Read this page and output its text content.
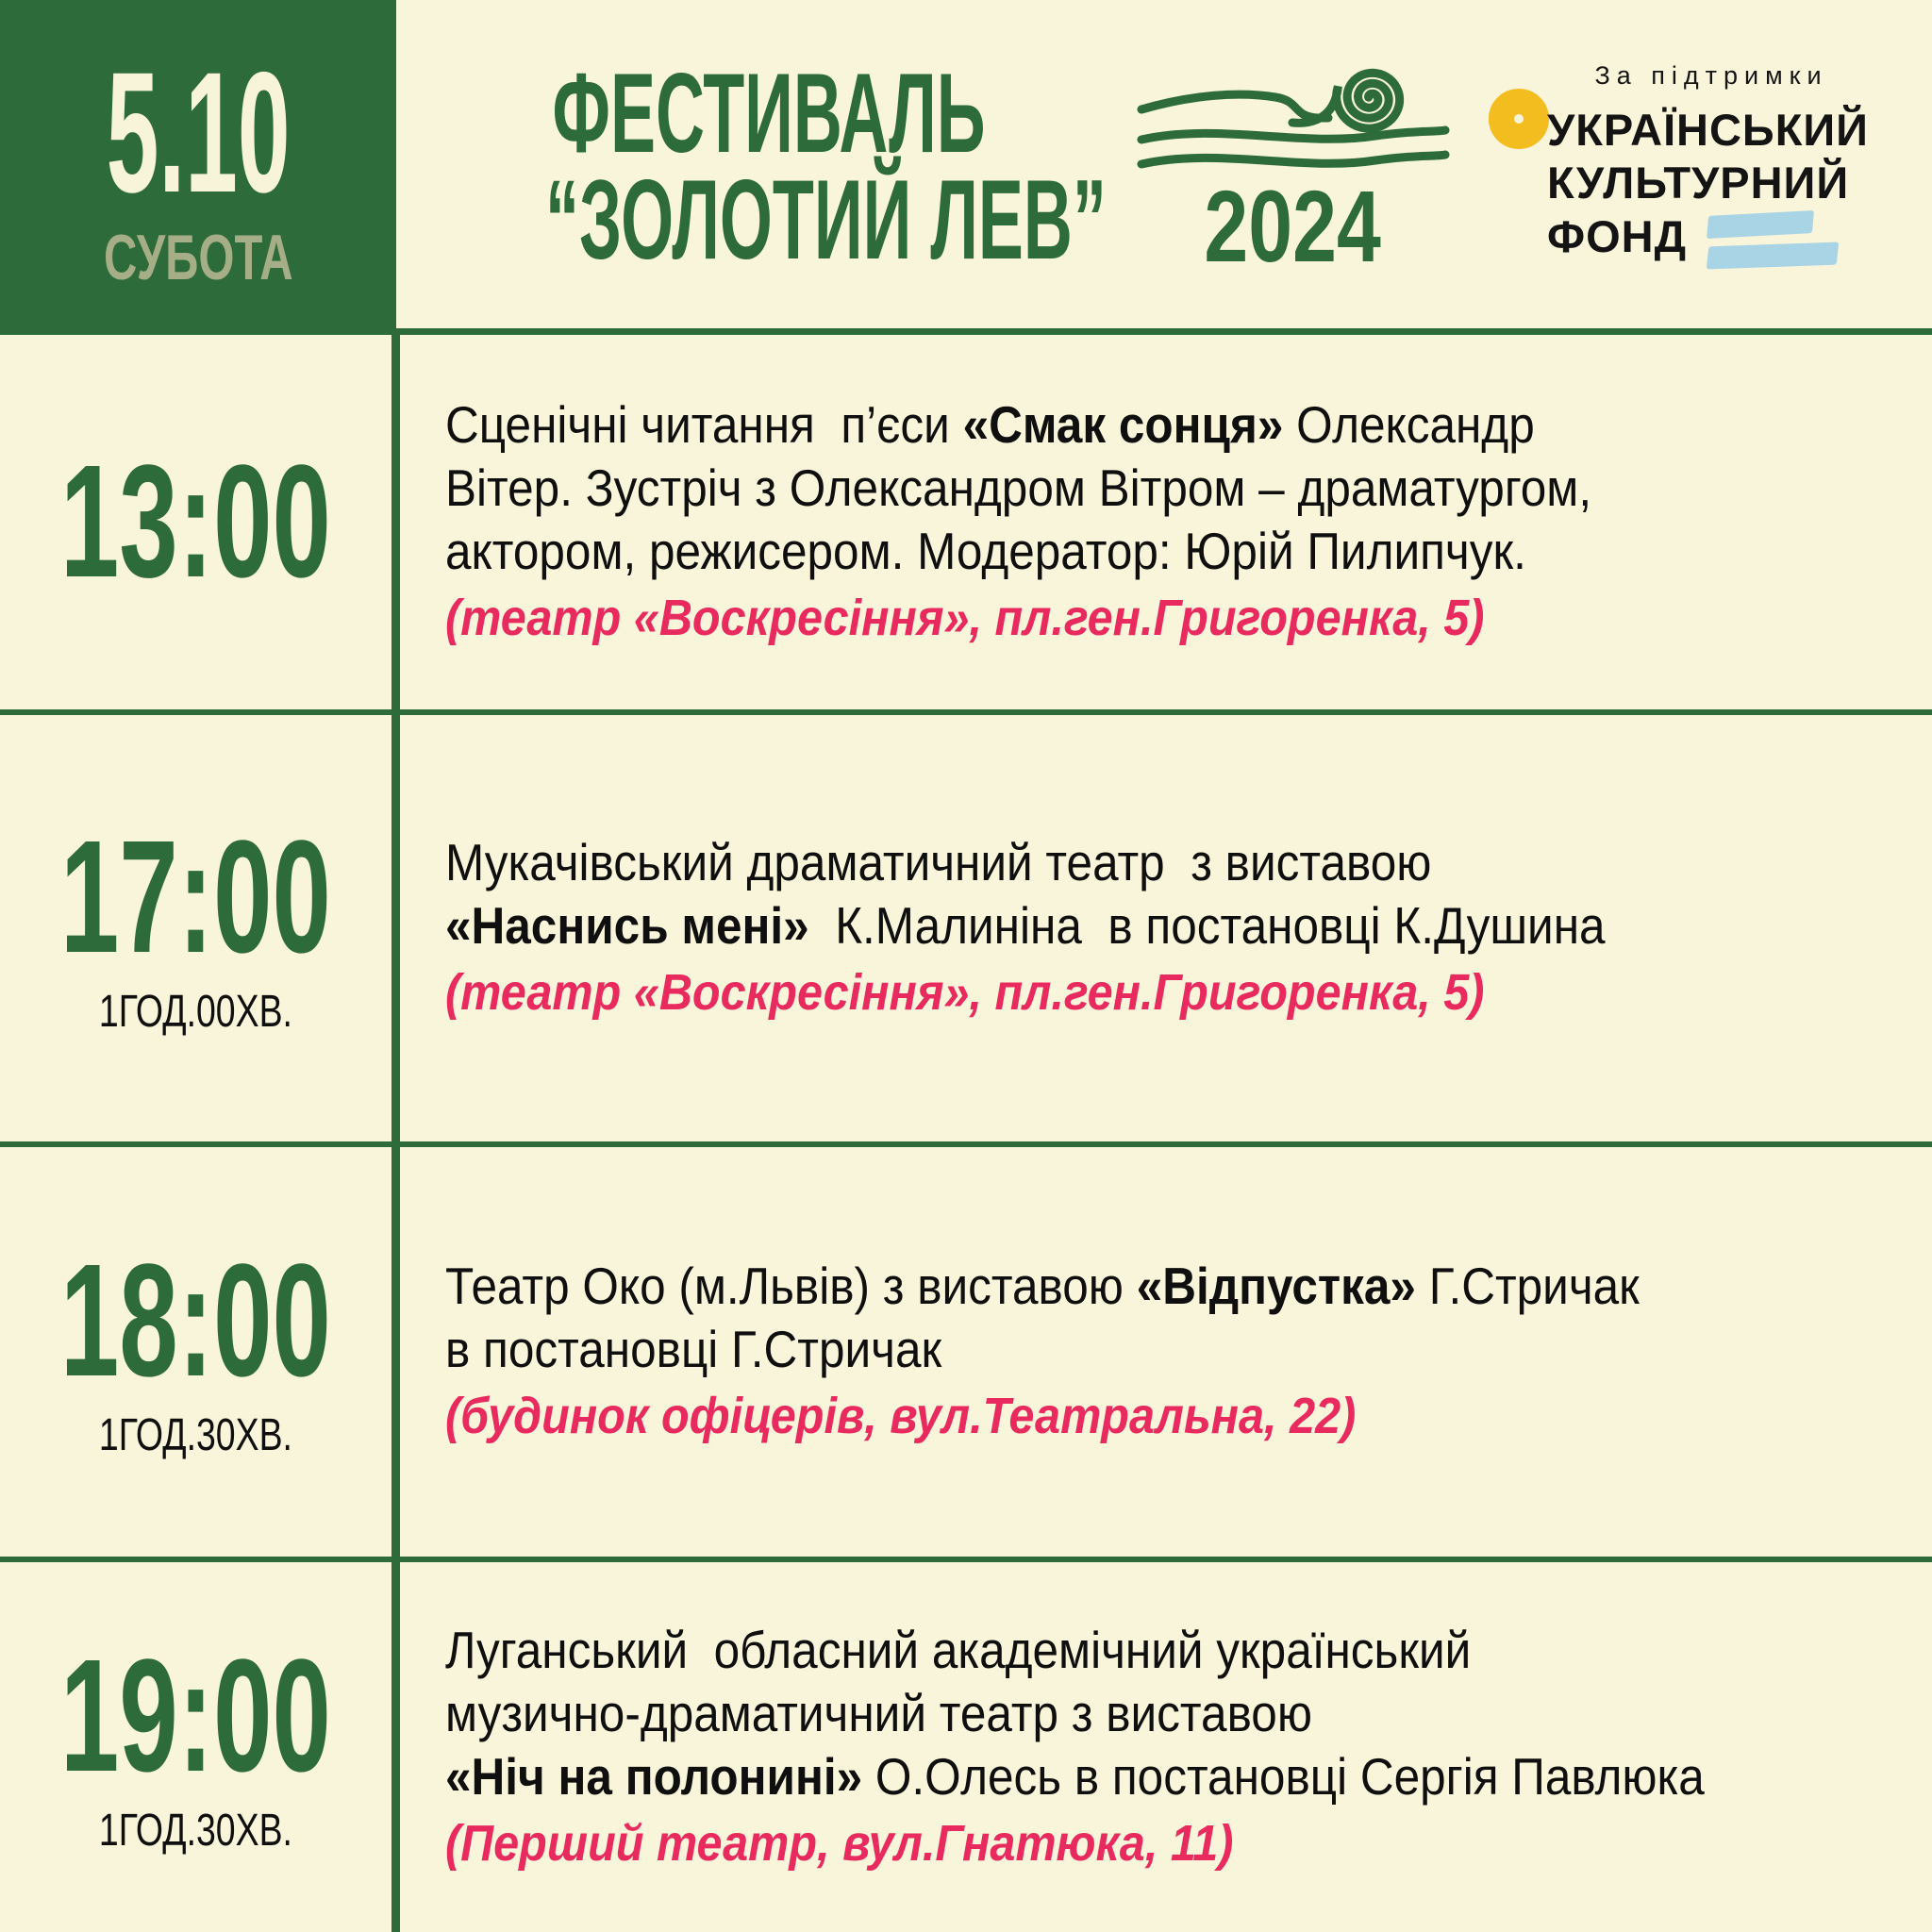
5.10
СУБОТА
ФЕСТИВАЛЬ
“ЗОЛОТИЙ ЛЕВ” 2024
За підтримки
УКРАЇНСЬКИЙ
КУЛЬТУРНИЙ
ФОНД
13:00
Сценічні читання  п’єси «Смак сонця» Олександр
Вітер. Зустріч з Олександром Вітром – драматургом,
актором, режисером. Модератор: Юрій Пилипчук.
(театр «Воскресіння», пл.ген.Григоренка, 5)
17:00
1ГОД.00ХВ.
Мукачівський драматичний театр  з виставою
«Наснись мені»  К.Малиніна  в постановці К.Душина
(театр «Воскресіння», пл.ген.Григоренка, 5)
18:00
1ГОД.30ХВ.
Театр Око (м.Львів) з виставою «Відпустка» Г.Стричак
в постановці Г.Стричак
(будинок офіцерів, вул.Театральна, 22)
19:00
1ГОД.30ХВ.
Луганський  обласний академічний український
музично-драматичний театр з виставою
«Ніч на полонині» О.Олесь в постановці Сергія Павлюка
(Перший театр, вул.Гнатюка, 11)
